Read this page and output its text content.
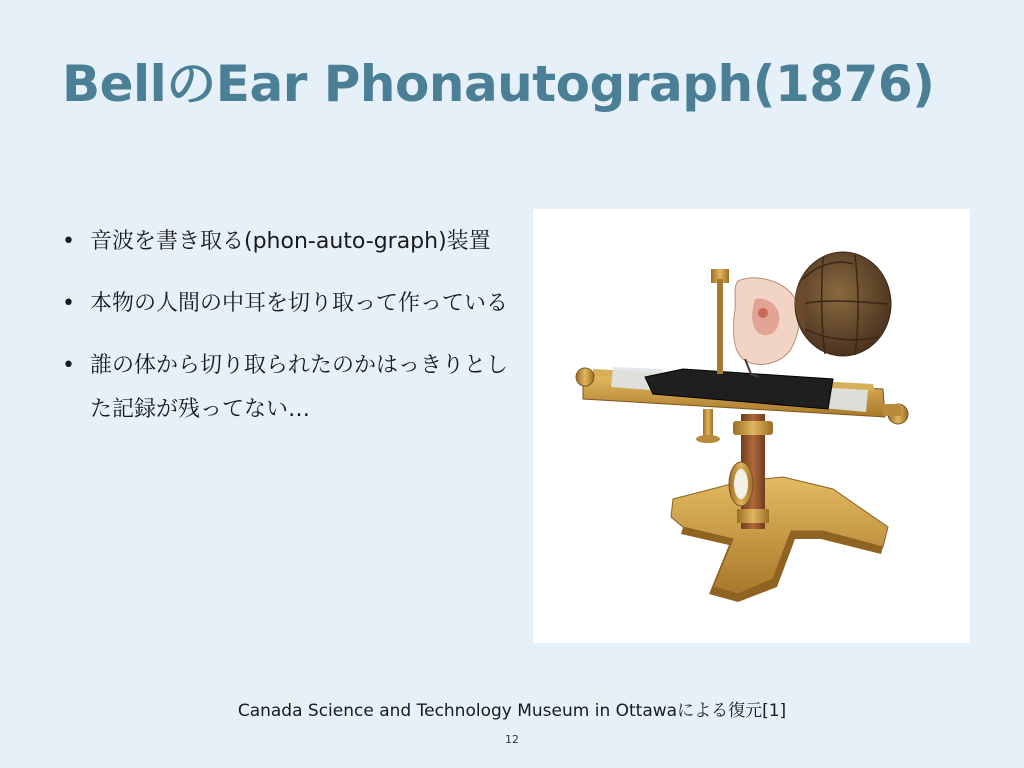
BellのEar Phonautograph(1876)
• 音波を書き取る(phon-auto-graph)装置
• 本物の人間の中耳を切り取って作っている
• 誰の体から切り取られたのかはっきりとした記録が残ってない…
Canada Science and Technology Museum in Ottawaによる復元[1]
12
